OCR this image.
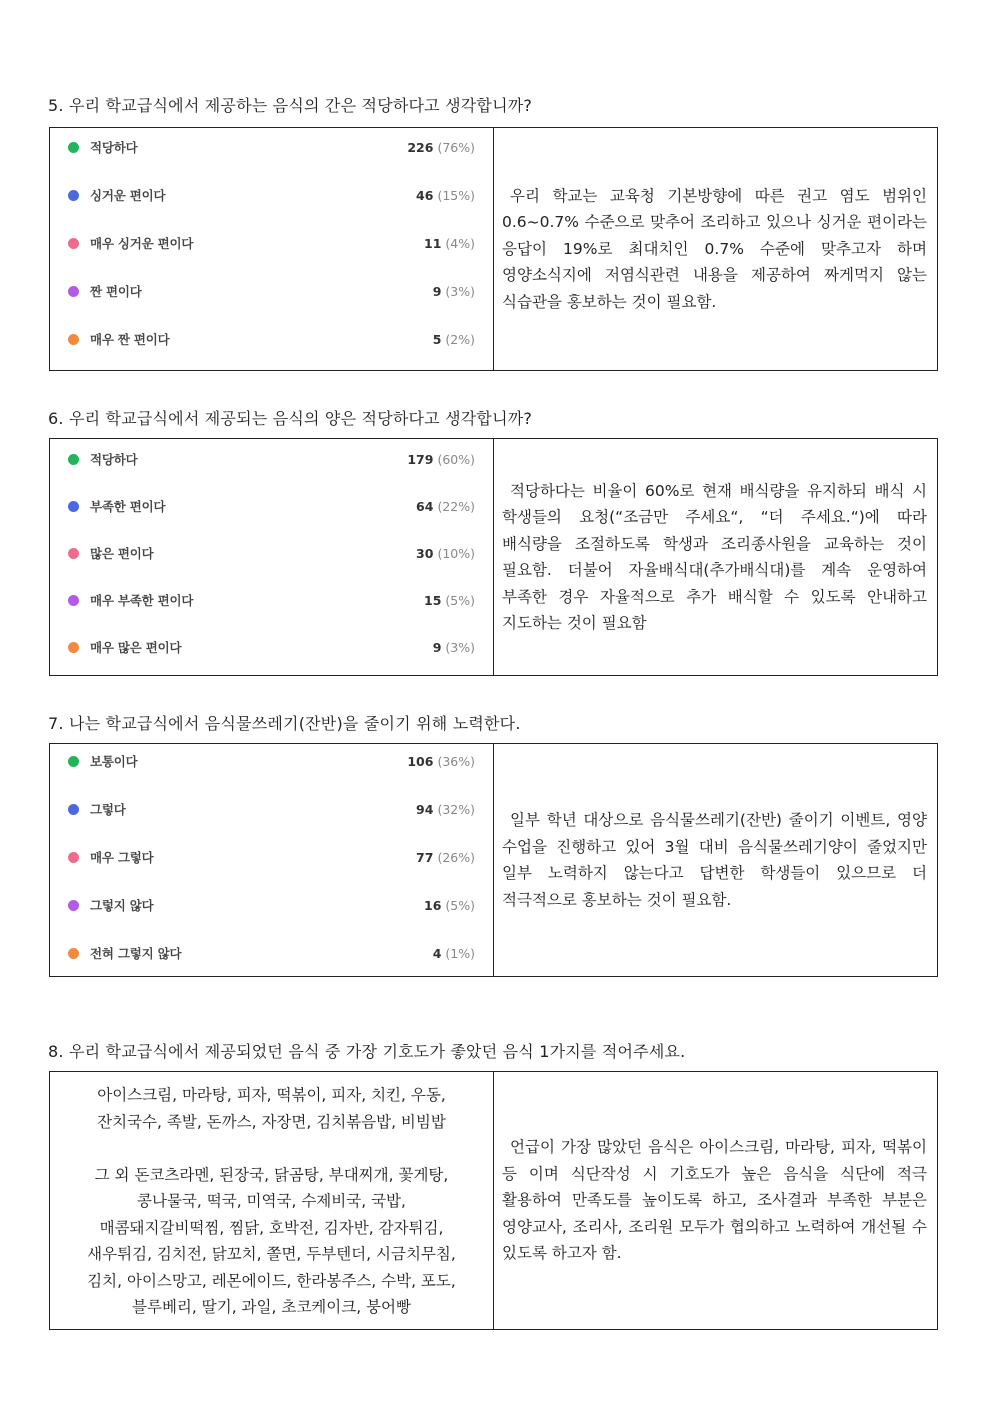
5. 우리 학교급식에서 제공하는 음식의 간은 적당하다고 생각합니까?
적당하다	226 (76%)
싱거운 편이다	46 (15%)
매우 싱거운 편이다	11 (4%)
짠 편이다	9 (3%)
매우 짠 편이다	5 (2%)
우리 학교는 교육청 기본방향에 따른 권고 염도 범위인 0.6~0.7% 수준으로 맞추어 조리하고 있으나 싱거운 편이라는 응답이 19%로 최대치인 0.7% 수준에 맞추고자 하며 영양소식지에 저염식관련 내용을 제공하여 짜게먹지 않는 식습관을 홍보하는 것이 필요함.
6. 우리 학교급식에서 제공되는 음식의 양은 적당하다고 생각합니까?
적당하다	179 (60%)
부족한 편이다	64 (22%)
많은 편이다	30 (10%)
매우 부족한 편이다	15 (5%)
매우 많은 편이다	9 (3%)
적당하다는 비율이 60%로 현재 배식량을 유지하되 배식 시 학생들의 요청(“조금만 주세요“, “더 주세요.“)에 따라 배식량을 조절하도록 학생과 조리종사원을 교육하는 것이 필요함. 더불어 자율배식대(추가배식대)를 계속 운영하여 부족한 경우 자율적으로 추가 배식할 수 있도록 안내하고 지도하는 것이 필요함
7. 나는 학교급식에서 음식물쓰레기(잔반)을 줄이기 위해 노력한다.
보통이다	106 (36%)
그렇다	94 (32%)
매우 그렇다	77 (26%)
그렇지 않다	16 (5%)
전혀 그렇지 않다	4 (1%)
일부 학년 대상으로 음식물쓰레기(잔반) 줄이기 이벤트, 영양 수업을 진행하고 있어 3월 대비 음식물쓰레기양이 줄었지만 일부 노력하지 않는다고 답변한 학생들이 있으므로 더 적극적으로 홍보하는 것이 필요함.
8. 우리 학교급식에서 제공되었던 음식 중 가장 기호도가 좋았던 음식 1가지를 적어주세요.
아이스크림, 마라탕, 피자, 떡볶이, 피자, 치킨, 우동,
잔치국수, 족발, 돈까스, 자장면, 김치볶음밥, 비빔밥
그 외 돈코츠라멘, 된장국, 닭곰탕, 부대찌개, 꽃게탕,
콩나물국, 떡국, 미역국, 수제비국, 국밥,
매콤돼지갈비떡찜, 찜닭, 호박전, 김자반, 감자튀김,
새우튀김, 김치전, 닭꼬치, 쫄면, 두부텐더, 시금치무침,
김치, 아이스망고, 레몬에이드, 한라봉주스, 수박, 포도,
블루베리, 딸기, 과일, 초코케이크, 붕어빵
언급이 가장 많았던 음식은 아이스크림, 마라탕, 피자, 떡볶이 등 이며 식단작성 시 기호도가 높은 음식을 식단에 적극 활용하여 만족도를 높이도록 하고, 조사결과 부족한 부분은 영양교사, 조리사, 조리원 모두가 협의하고 노력하여 개선될 수 있도록 하고자 함.
